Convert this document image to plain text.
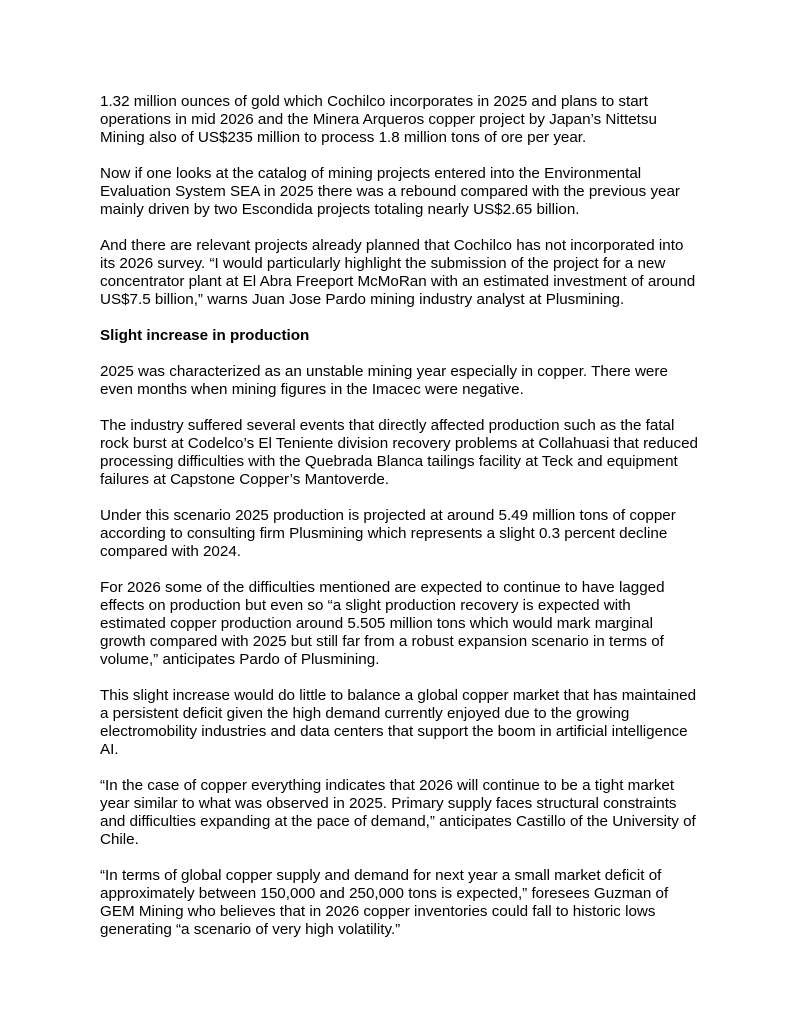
1.32 million ounces of gold which Cochilco incorporates in 2025 and plans to start operations in mid 2026 and the Minera Arqueros copper project by Japan’s Nittetsu Mining also of US$235 million to process 1.8 million tons of ore per year.

Now if one looks at the catalog of mining projects entered into the Environmental Evaluation System SEA in 2025 there was a rebound compared with the previous year mainly driven by two Escondida projects totaling nearly US$2.65 billion.

And there are relevant projects already planned that Cochilco has not incorporated into its 2026 survey. “I would particularly highlight the submission of the project for a new concentrator plant at El Abra Freeport McMoRan with an estimated investment of around US$7.5 billion,” warns Juan Jose Pardo mining industry analyst at Plusmining.

Slight increase in production

2025 was characterized as an unstable mining year especially in copper. There were even months when mining figures in the Imacec were negative.

The industry suffered several events that directly affected production such as the fatal rock burst at Codelco’s El Teniente division recovery problems at Collahuasi that reduced processing difficulties with the Quebrada Blanca tailings facility at Teck and equipment failures at Capstone Copper’s Mantoverde.

Under this scenario 2025 production is projected at around 5.49 million tons of copper according to consulting firm Plusmining which represents a slight 0.3 percent decline compared with 2024.

For 2026 some of the difficulties mentioned are expected to continue to have lagged effects on production but even so “a slight production recovery is expected with estimated copper production around 5.505 million tons which would mark marginal growth compared with 2025 but still far from a robust expansion scenario in terms of volume,” anticipates Pardo of Plusmining.

This slight increase would do little to balance a global copper market that has maintained a persistent deficit given the high demand currently enjoyed due to the growing electromobility industries and data centers that support the boom in artificial intelligence AI.

“In the case of copper everything indicates that 2026 will continue to be a tight market year similar to what was observed in 2025. Primary supply faces structural constraints and difficulties expanding at the pace of demand,” anticipates Castillo of the University of Chile.

“In terms of global copper supply and demand for next year a small market deficit of approximately between 150,000 and 250,000 tons is expected,” foresees Guzman of GEM Mining who believes that in 2026 copper inventories could fall to historic lows generating “a scenario of very high volatility.”
